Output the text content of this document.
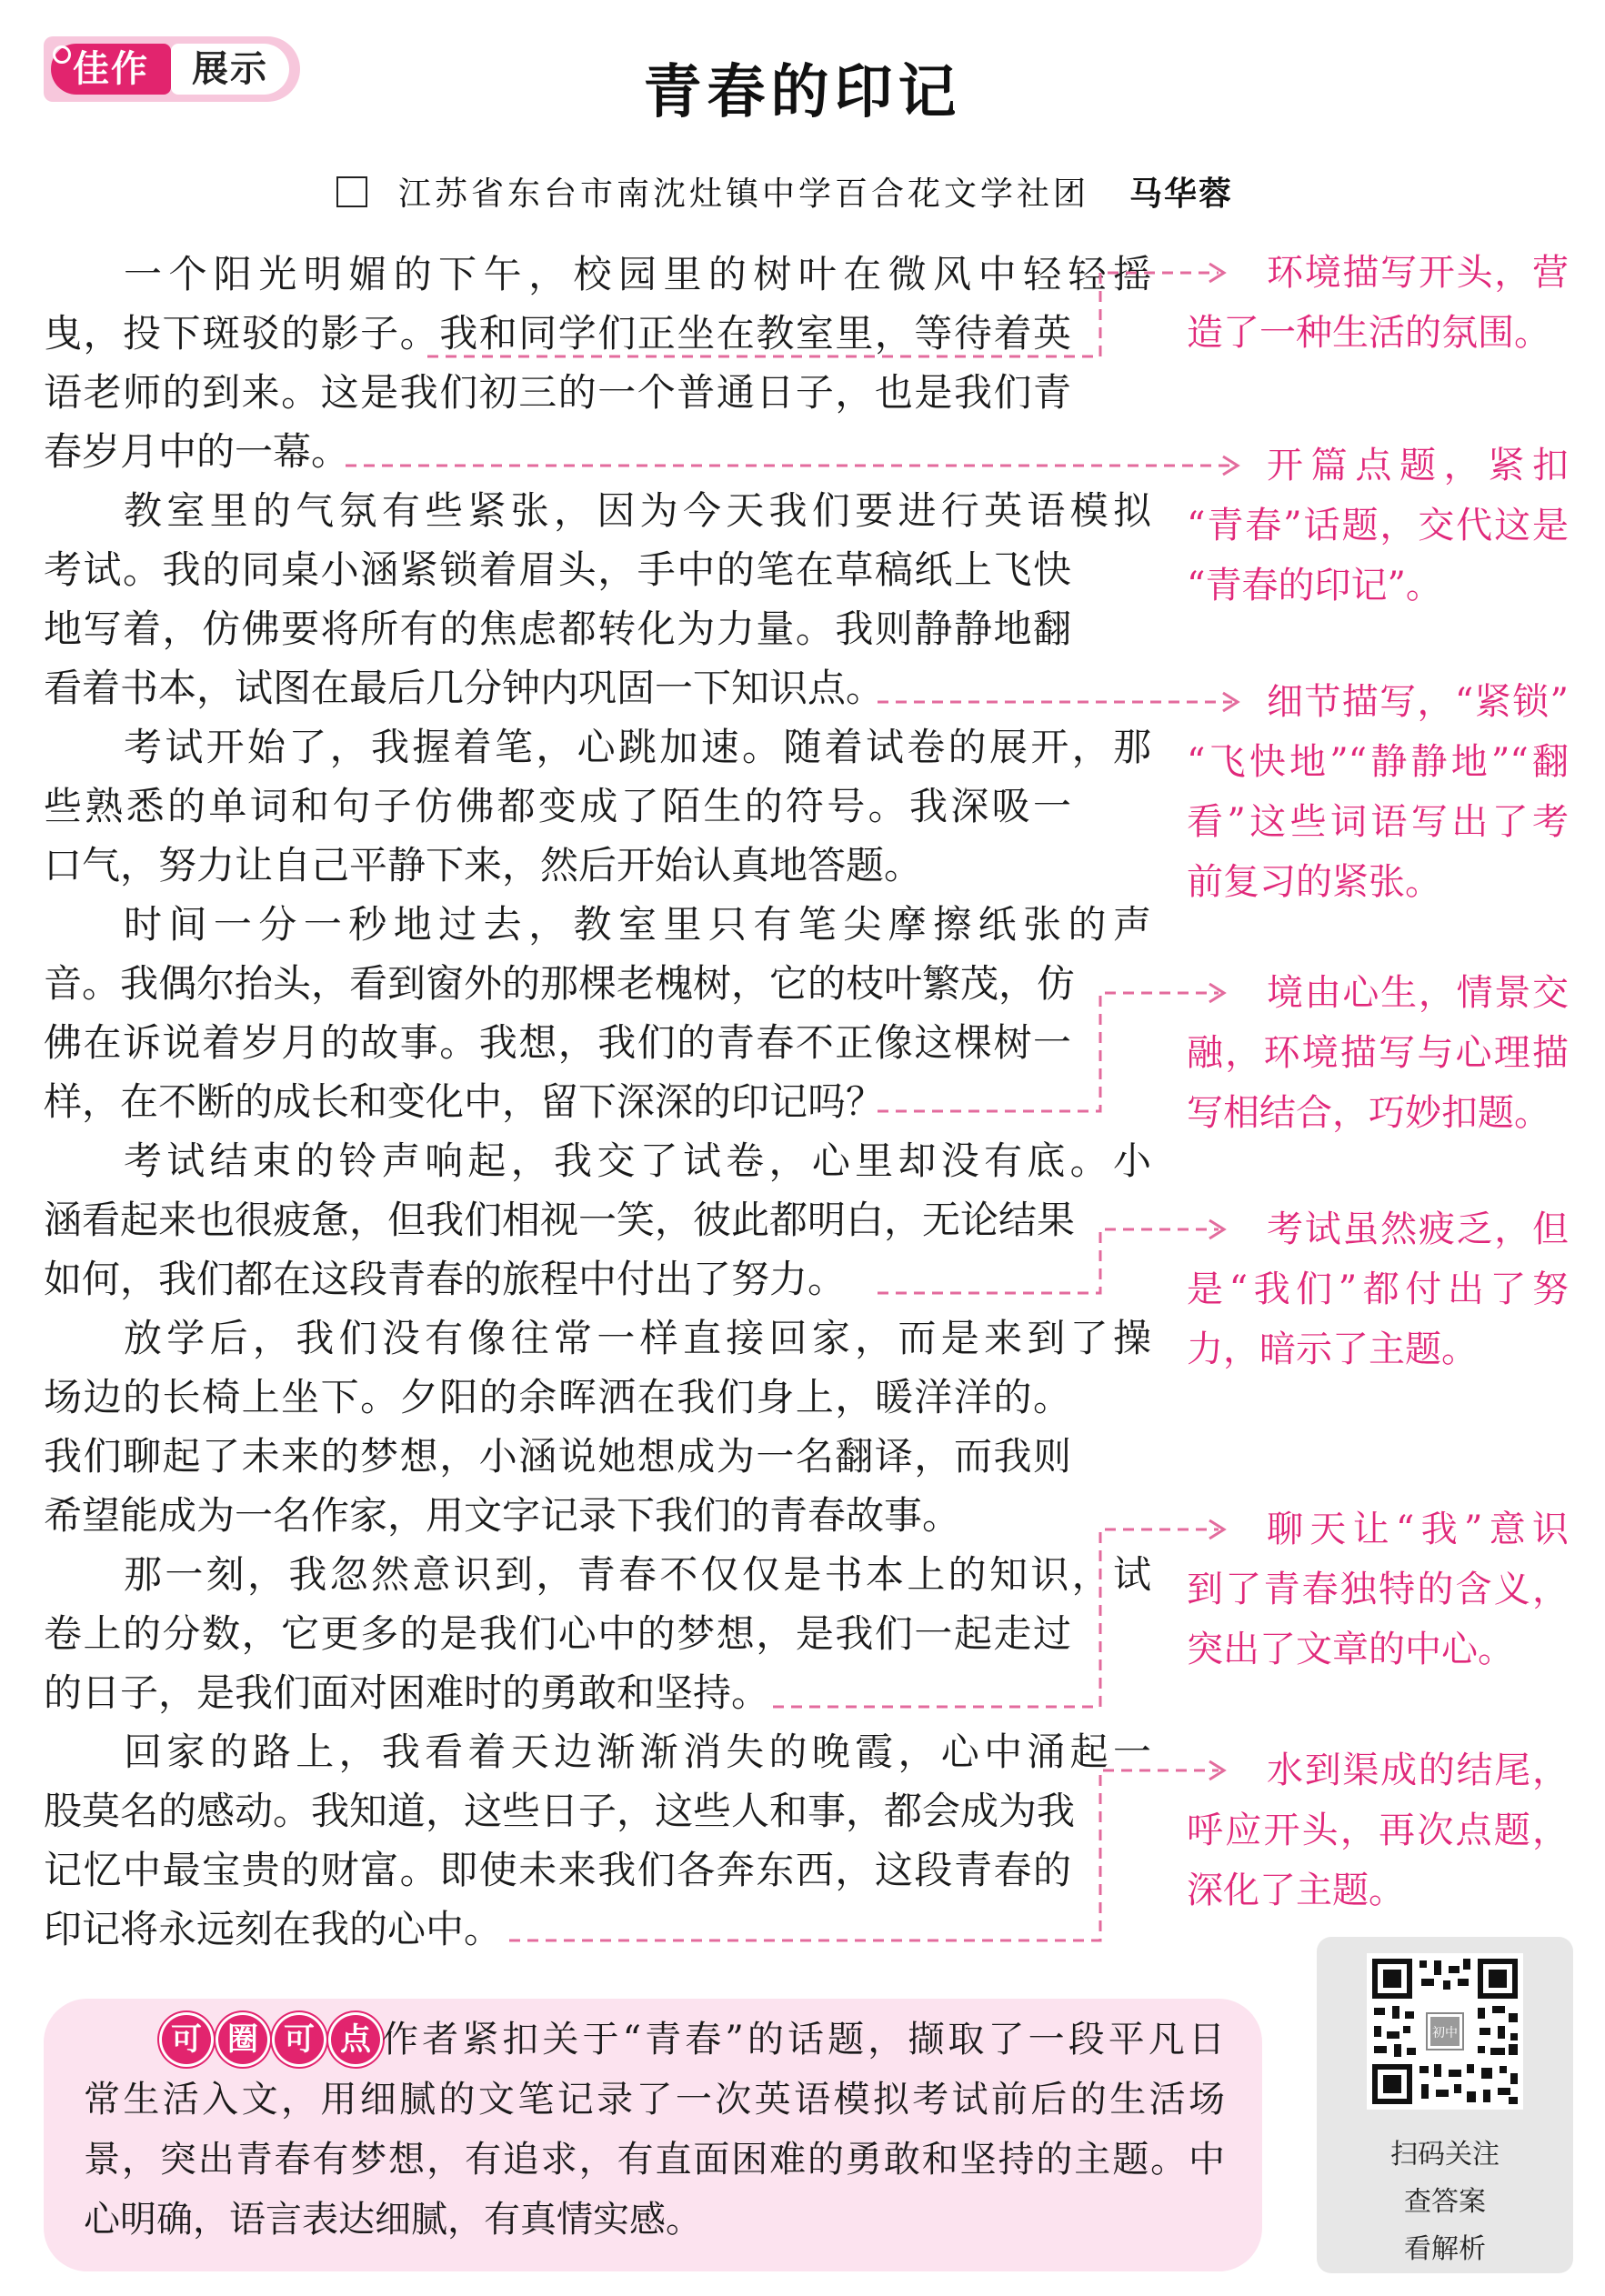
佳作	展示	青春的印记
江苏省东台市南沈灶镇中学百合花文学社团 马华蓉
一个阳光明媚的下午，校园里的树叶在微风中轻轻摇
曳，投下斑驳的影子。我和同学们正坐在教室里，等待着英
语老师的到来。这是我们初三的一个普通日子，也是我们青
春岁月中的一幕。
教室里的气氛有些紧张，因为今天我们要进行英语模拟
考试。我的同桌小涵紧锁着眉头，手中的笔在草稿纸上飞快
地写着，仿佛要将所有的焦虑都转化为力量。我则静静地翻
看着书本，试图在最后几分钟内巩固一下知识点。
考试开始了，我握着笔，心跳加速。随着试卷的展开，那
些熟悉的单词和句子仿佛都变成了陌生的符号。我深吸一
口气，努力让自己平静下来，然后开始认真地答题。
时间一分一秒地过去，教室里只有笔尖摩擦纸张的声
音。我偶尔抬头，看到窗外的那棵老槐树，它的枝叶繁茂，仿
佛在诉说着岁月的故事。我想，我们的青春不正像这棵树一
样，在不断的成长和变化中，留下深深的印记吗？
考试结束的铃声响起，我交了试卷，心里却没有底。小
涵看起来也很疲惫，但我们相视一笑，彼此都明白，无论结果
如何，我们都在这段青春的旅程中付出了努力。
放学后，我们没有像往常一样直接回家，而是来到了操
场边的长椅上坐下。夕阳的余晖洒在我们身上，暖洋洋的。
我们聊起了未来的梦想，小涵说她想成为一名翻译，而我则
希望能成为一名作家，用文字记录下我们的青春故事。
那一刻，我忽然意识到，青春不仅仅是书本上的知识，试
卷上的分数，它更多的是我们心中的梦想，是我们一起走过
的日子，是我们面对困难时的勇敢和坚持。
回家的路上，我看着天边渐渐消失的晚霞，心中涌起一
股莫名的感动。我知道，这些日子，这些人和事，都会成为我
记忆中最宝贵的财富。即使未来我们各奔东西，这段青春的
印记将永远刻在我的心中。
环境描写开头，营
造了一种生活的氛围。
开篇点题，紧扣
“青春”话题，交代这是
“青春的印记”。
细节描写，“紧锁”
“飞快地”“静静地”“翻
看”这些词语写出了考
前复习的紧张。
境由心生，情景交
融，环境描写与心理描
写相结合，巧妙扣题。
考试虽然疲乏，但
是“我们”都付出了努
力，暗示了主题。
聊天让“我”意识
到了青春独特的含义，
突出了文章的中心。
水到渠成的结尾，
呼应开头，再次点题，
深化了主题。
可 圈 可 点 作者紧扣关于“青春”的话题，撷取了一段平凡日
常生活入文，用细腻的文笔记录了一次英语模拟考试前后的生活场
景，突出青春有梦想，有追求，有直面困难的勇敢和坚持的主题。中
心明确，语言表达细腻，有真情实感。
初中
扫码关注
查答案
看解析
